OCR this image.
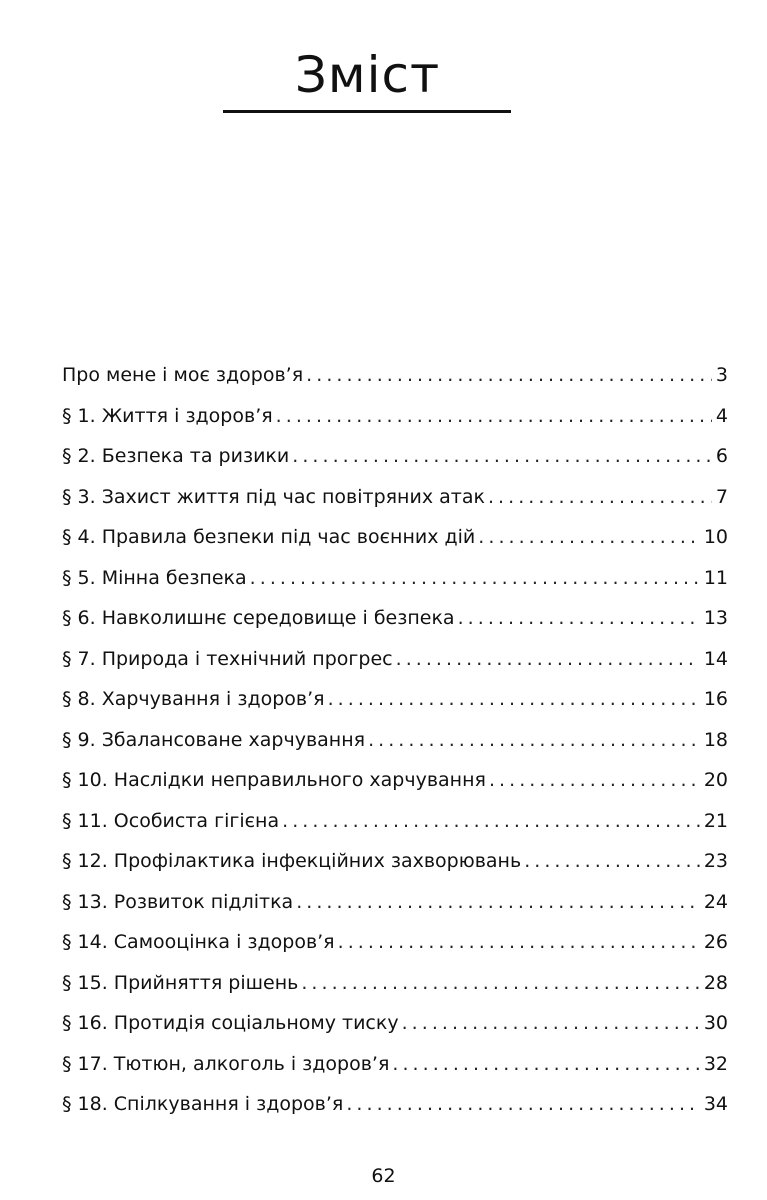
Зміст
Про мене і моє здоров’я . . .	3
§ 1. Життя і здоров’я . . .	4
§ 2. Безпека та ризики . . .	6
§ 3. Захист життя під час повітряних атак . . .	7
§ 4. Правила безпеки під час воєнних дій . . .	10
§ 5. Мінна безпека . . .	11
§ 6. Навколишнє середовище і безпека . . .	13
§ 7. Природа і технічний прогрес . . .	14
§ 8. Харчування і здоров’я . . .	16
§ 9. Збалансоване харчування . . .	18
§ 10. Наслідки неправильного харчування . . .	20
§ 11. Особиста гігієна . . .	21
§ 12. Профілактика інфекційних захворювань . . .	23
§ 13. Розвиток підлітка . . .	24
§ 14. Самооцінка і здоров’я . . .	26
§ 15. Прийняття рішень . . .	28
§ 16. Протидія соціальному тиску . . .	30
§ 17. Тютюн, алкоголь і здоров’я . . .	32
§ 18. Спілкування і здоров’я . . .	34
62
